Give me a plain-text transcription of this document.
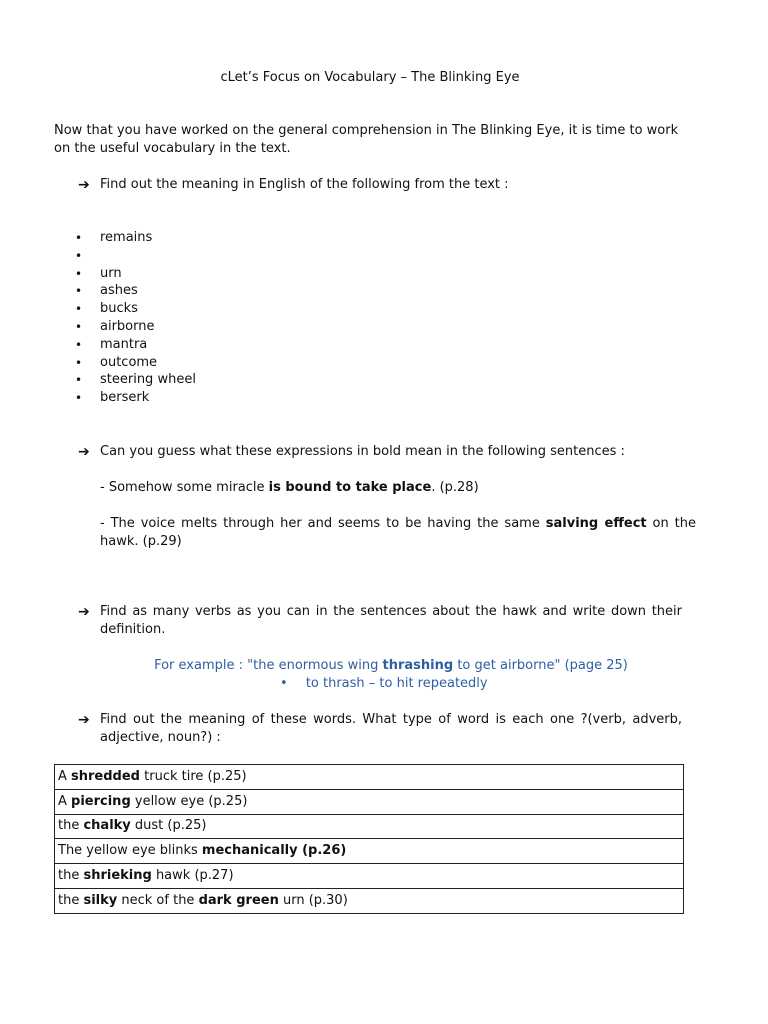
cLet’s Focus on Vocabulary – The Blinking Eye
Now that you have worked on the general comprehension in The Blinking Eye, it is time to work on the useful vocabulary in the text.
➔ Find out the meaning in English of the following from the text :
• remains
•
• urn
• ashes
• bucks
• airborne
• mantra
• outcome
• steering wheel
• berserk
➔ Can you guess what these expressions in bold mean in the following sentences :
- Somehow some miracle is bound to take place. (p.28)
- The voice melts through her and seems to be having the same salving effect on the hawk. (p.29)
➔ Find as many verbs as you can in the sentences about the hawk and write down their definition.
For example : "the enormous wing thrashing to get airborne" (page 25)
• to thrash – to hit repeatedly
➔ Find out the meaning of these words. What type of word is each one ?(verb, adverb, adjective, noun?) :
A shredded truck tire (p.25)
A piercing yellow eye (p.25)
the chalky dust (p.25)
The yellow eye blinks mechanically (p.26)
the shrieking hawk (p.27)
the silky neck of the dark green urn (p.30)
